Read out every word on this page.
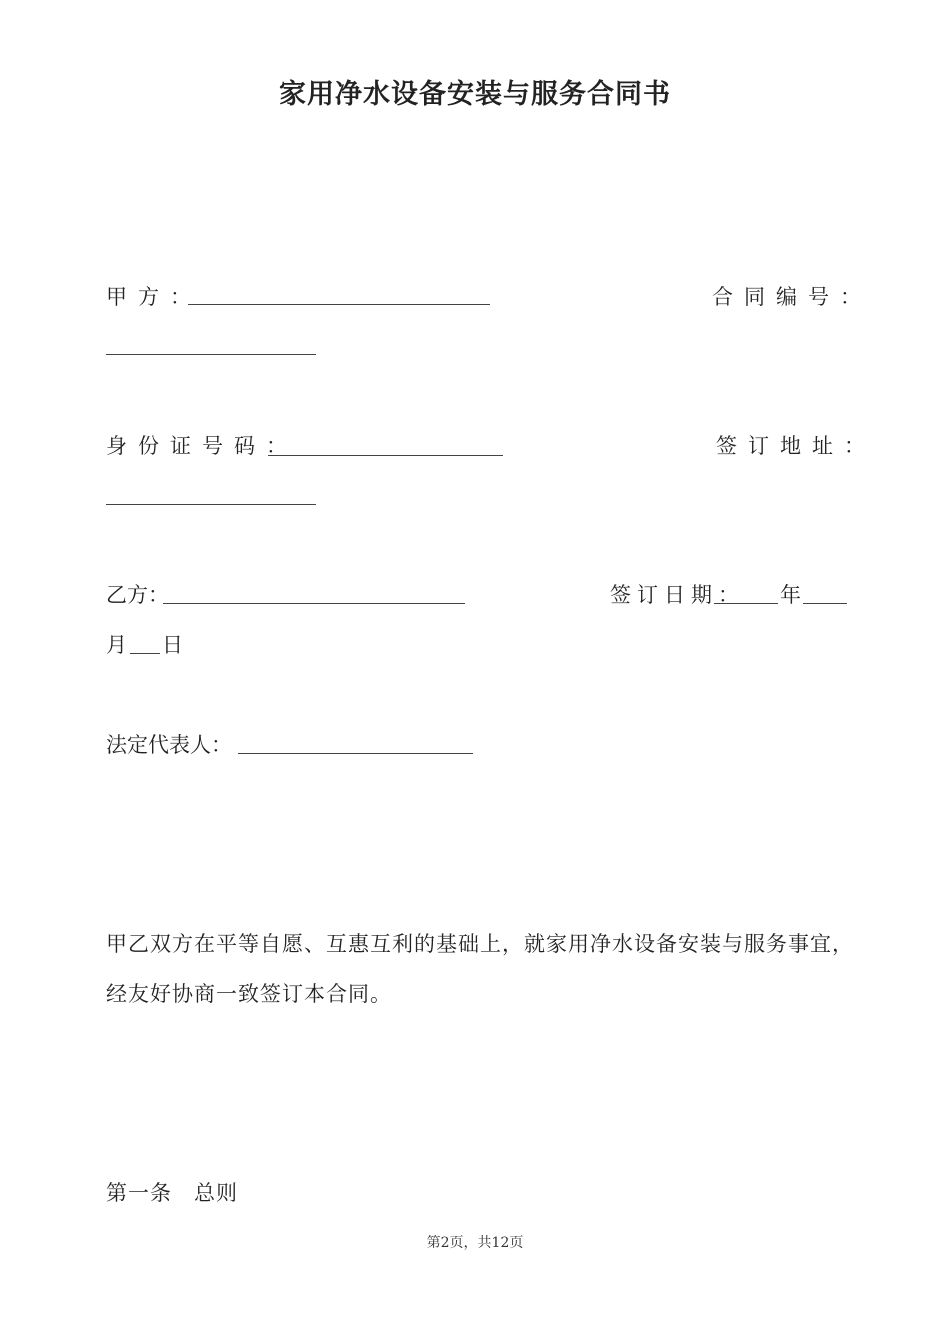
家用净水设备安装与服务合同书
甲方：	合同编号：
身份证号码：	签订地址：
乙方：	签订日期： 年
月 日
法定代表人：
甲乙双方在平等自愿、互惠互利的基础上，就家用净水设备安装与服务事宜，
经友好协商一致签订本合同。
第一条　总则
第2页，共12页
